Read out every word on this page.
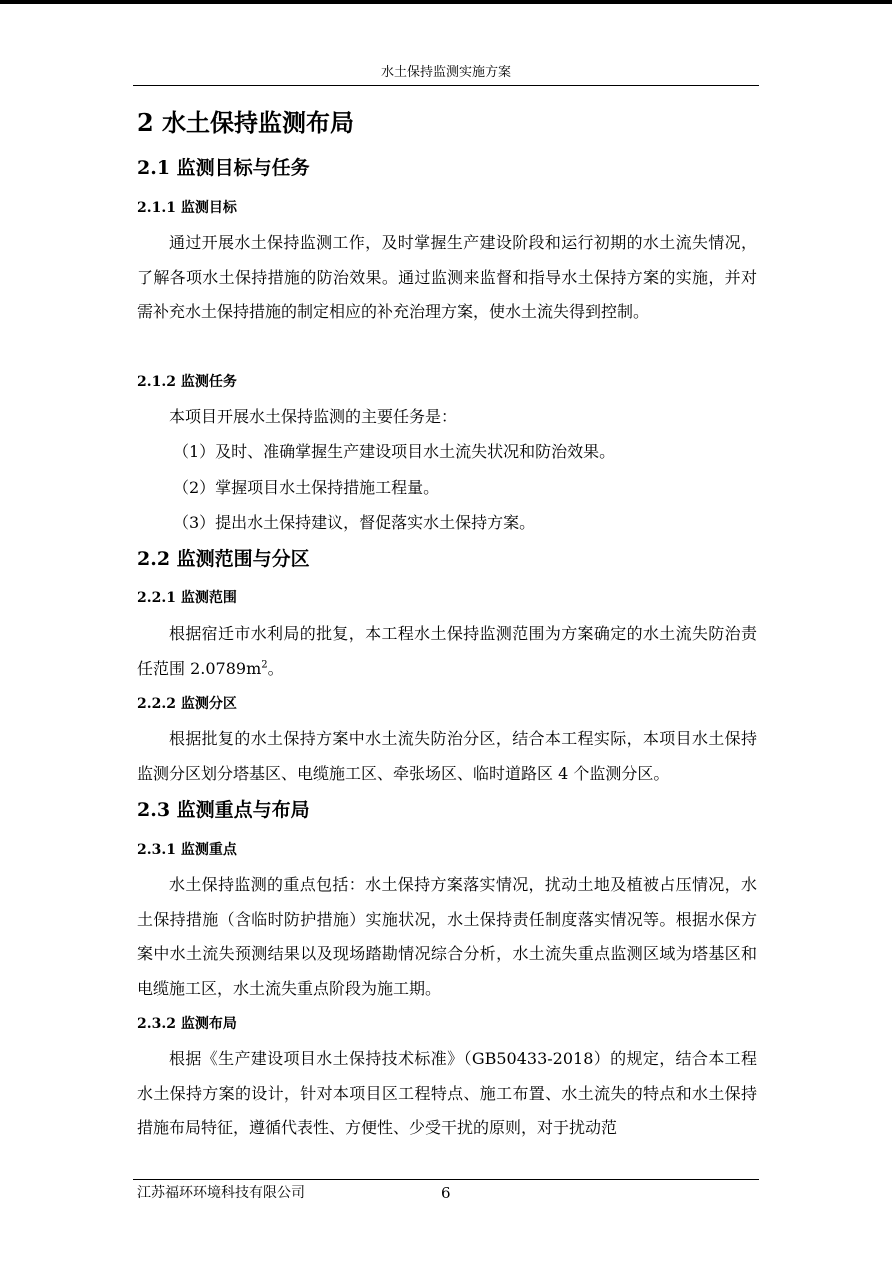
水土保持监测实施方案
2 水土保持监测布局
2.1 监测目标与任务
2.1.1 监测目标

通过开展水土保持监测工作，及时掌握生产建设阶段和运行初期的水土流失情况，了解各项水土保持措施的防治效果。通过监测来监督和指导水土保持方案的实施，并对需补充水土保持措施的制定相应的补充治理方案，使水土流失得到控制。

2.1.2 监测任务

本项目开展水土保持监测的主要任务是：

（1）及时、准确掌握生产建设项目水土流失状况和防治效果。
（2）掌握项目水土保持措施工程量。
（3）提出水土保持建议，督促落实水土保持方案。
2.2 监测范围与分区
2.2.1 监测范围

根据宿迁市水利局的批复，本工程水土保持监测范围为方案确定的水土流失防治责任范围 $2.0789m^2$。

2.2.2 监测分区

根据批复的水土保持方案中水土流失防治分区，结合本工程实际，本项目水土保持监测分区划分塔基区、电缆施工区、牵张场区、临时道路区 4 个监测分区。

2.3 监测重点与布局
2.3.1 监测重点

水土保持监测的重点包括：水土保持方案落实情况，扰动土地及植被占压情况，水土保持措施（含临时防护措施）实施状况，水土保持责任制度落实情况等。根据水保方案中水土流失预测结果以及现场踏勘情况综合分析，水土流失重点监测区域为塔基区和电缆施工区，水土流失重点阶段为施工期。

2.3.2 监测布局

根据《生产建设项目水土保持技术标准》（GB50433-2018）的规定，结合本工程水土保持方案的设计，针对本项目区工程特点、施工布置、水土流失的特点和水土保持措施布局特征，遵循代表性、方便性、少受干扰的原则，对于扰动范

江苏福环环境科技有限公司	6
